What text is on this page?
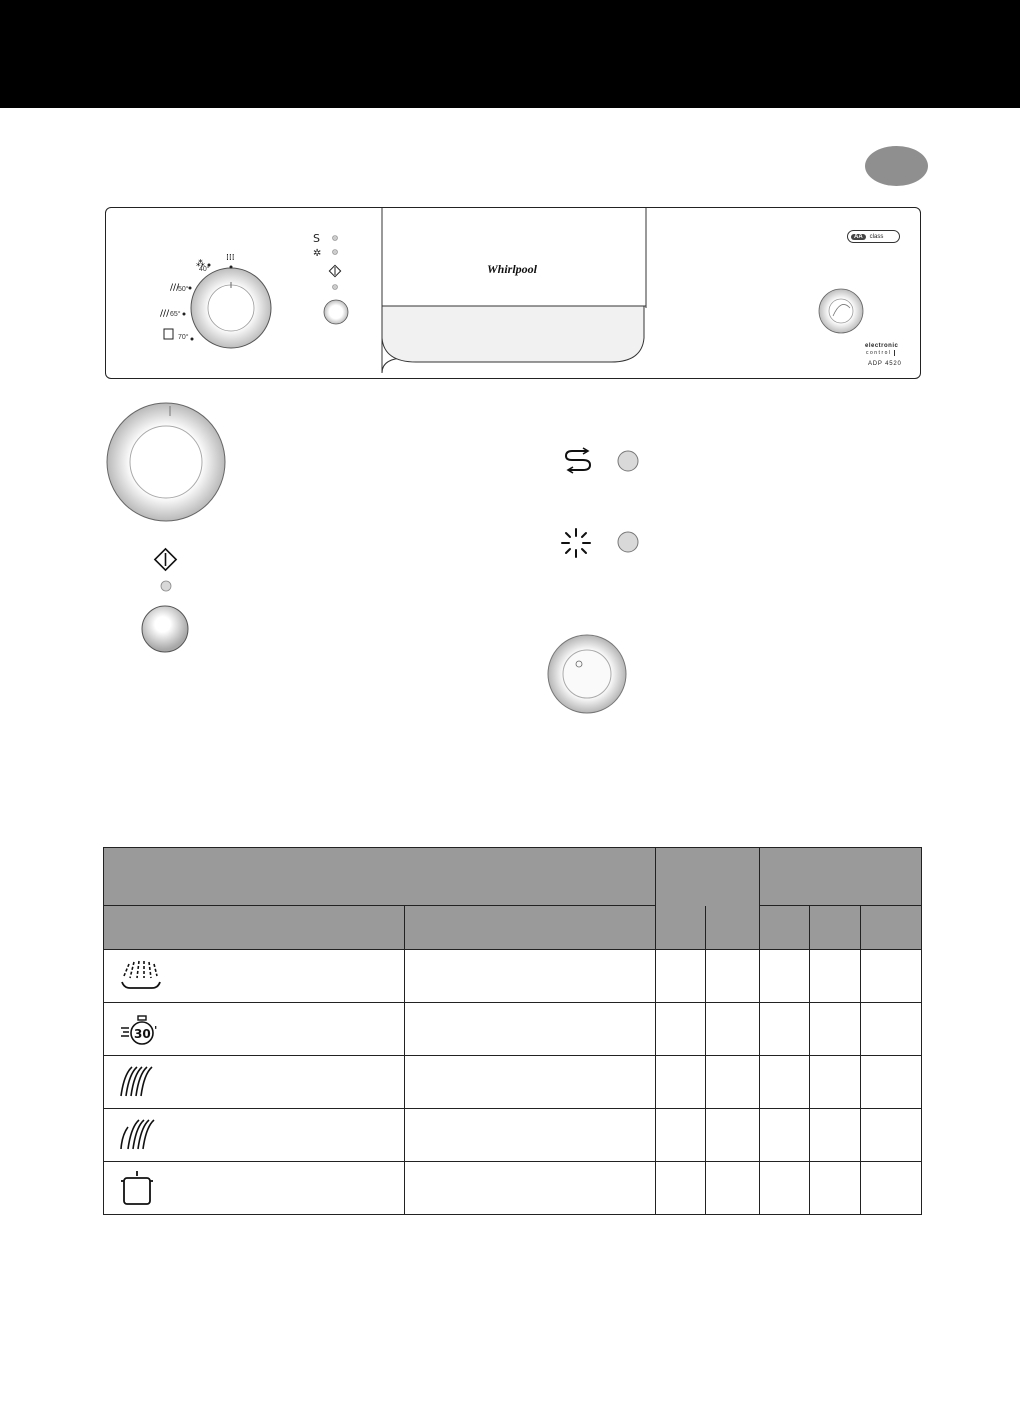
⁂
⁞⁞⁞
///
///
S
✲
40°
50°
65°
70°
Whirlpool
AA	class
electronic
control
ADP 4520

30 '						
